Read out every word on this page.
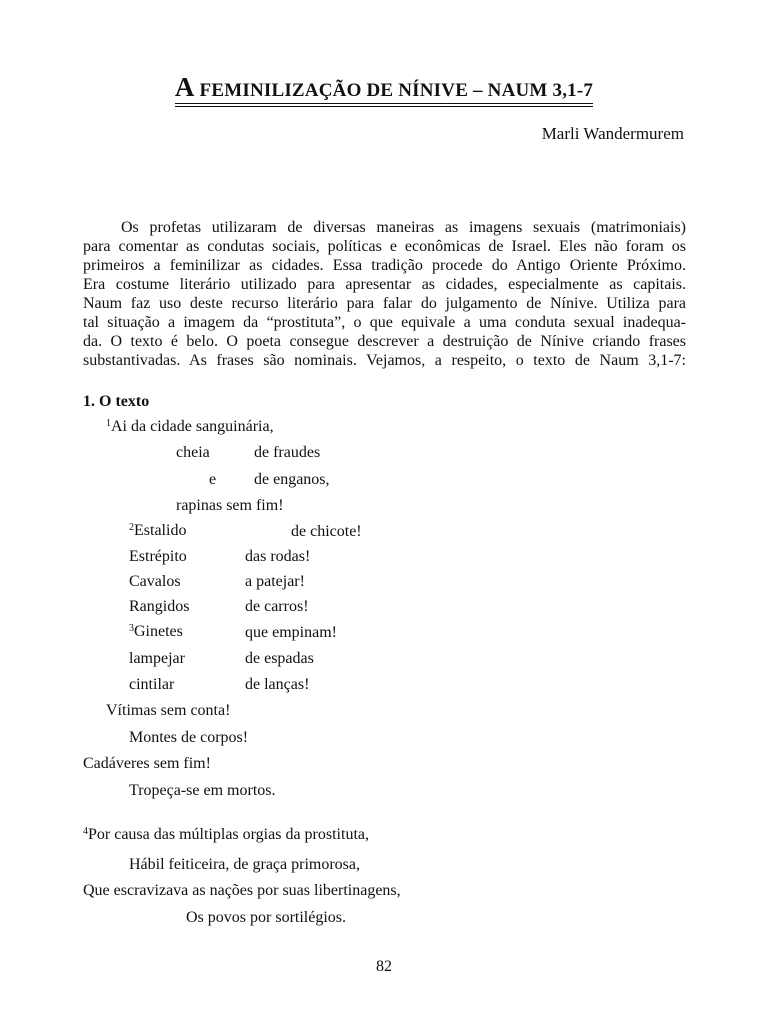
A FEMINILIZAÇÃO DE NÍNIVE – NAUM 3,1-7
Marli Wandermurem
Os profetas utilizaram de diversas maneiras as imagens sexuais (matrimoniais)
para comentar as condutas sociais, políticas e econômicas de Israel. Eles não foram os
primeiros a feminilizar as cidades. Essa tradição procede do Antigo Oriente Próximo.
Era costume literário utilizado para apresentar as cidades, especialmente as capitais.
Naum faz uso deste recurso literário para falar do julgamento de Nínive. Utiliza para
tal situação a imagem da “prostituta”, o que equivale a uma conduta sexual inadequa-
da. O texto é belo. O poeta consegue descrever a destruição de Nínive criando frases
substantivadas. As frases são nominais. Vejamos, a respeito, o texto de Naum 3,1-7:
1. O texto
$^1$Ai da cidade sanguinária,
cheia	de fraudes
e de enganos,
rapinas sem fim!
$^2$Estalido	de chicote!
Estrépito	das rodas!
Cavalos	a patejar!
Rangidos	de carros!
$^3$Ginetes	que empinam!
lampejar	de espadas
cintilar	de lanças!
Vítimas sem conta!
Montes de corpos!
Cadáveres sem fim!
Tropeça-se em mortos.
$^4$Por causa das múltiplas orgias da prostituta,
Hábil feiticeira, de graça primorosa,
Que escravizava as nações por suas libertinagens,
Os povos por sortilégios.
82
